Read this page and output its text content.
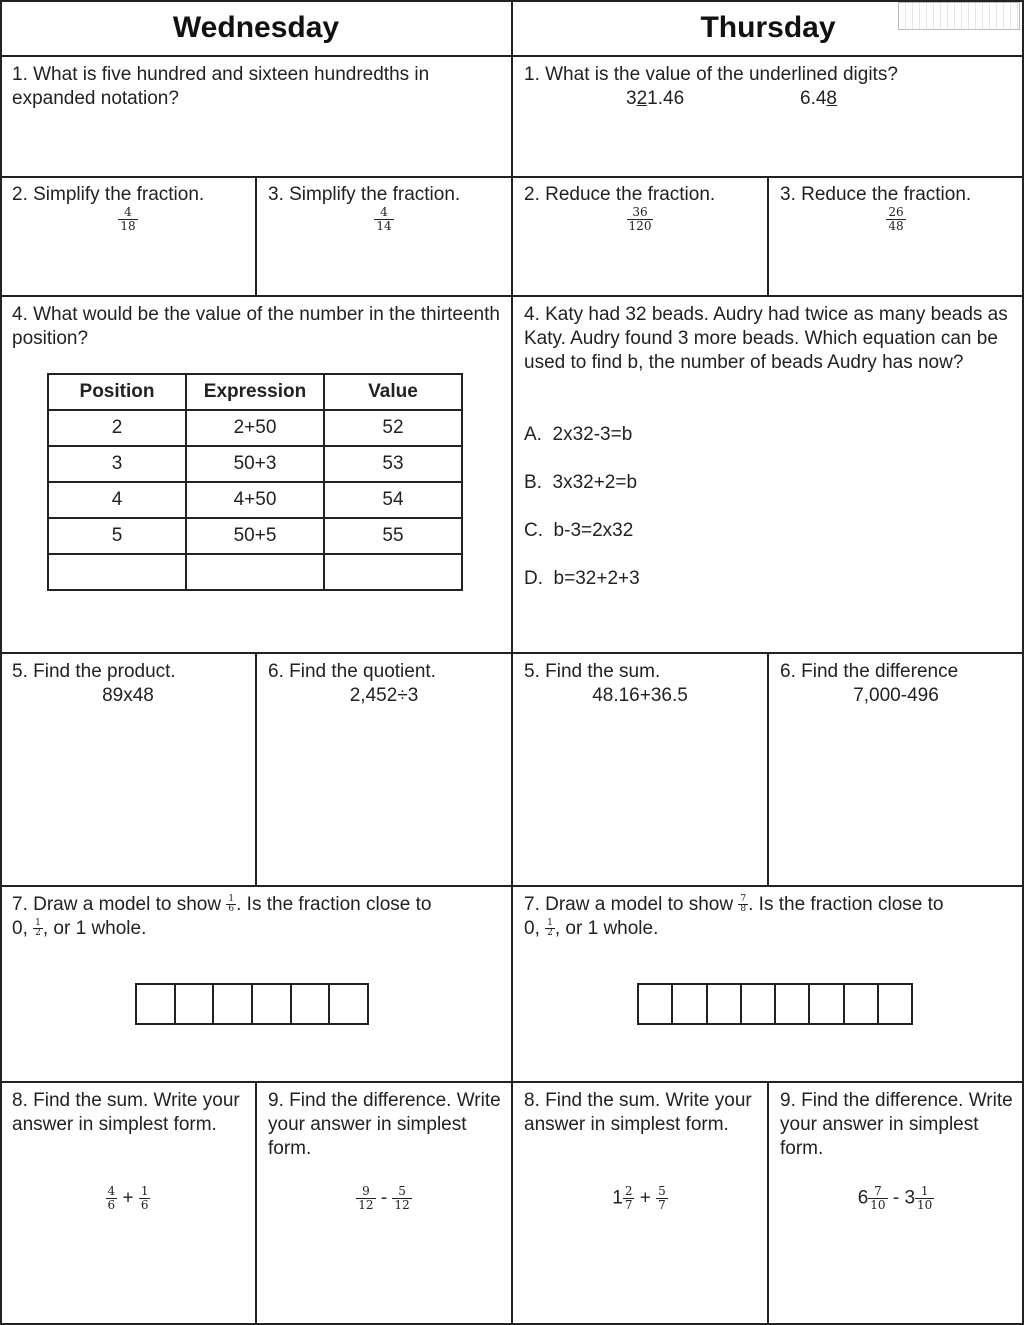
Wednesday	Thursday
1. What is five hundred and sixteen hundredths in expanded notation?
2. Simplify the fraction.
$\frac{4}{18}$
3. Simplify the fraction.
$\frac{4}{14}$
4. What would be the value of the number in the thirteenth position?
Position	Expression	Value
2	2+50	52
3	50+3	53
4	4+50	54
5	50+5	55

5. Find the product.
89x48
6. Find the quotient.
2,452÷3
7. Draw a model to show $\frac{1}{6}$ . Is the fraction close to
0, $\frac{1}{2}$ , or 1 whole.
8. Find the sum. Write your answer in simplest form.
$\frac{4}{6} + \frac{1}{6}$
9. Find the difference. Write your answer in simplest form.
$\frac{9}{12} - \frac{5}{12}$
1. What is the value of the underlined digits?
321.46	6.48
2. Reduce the fraction.
$\frac{36}{120}$
3. Reduce the fraction.
$\frac{26}{48}$
4. Katy had 32 beads. Audry had twice as many beads as Katy. Audry found 3 more beads. Which equation can be used to find b, the number of beads Audry has now?
A.  2x32-3=b
B.  3x32+2=b
C.  b-3=2x32
D.  b=32+2+3
5. Find the sum.
48.16+36.5
6. Find the difference
7,000-496
7. Draw a model to show $\frac{7}{8}$ . Is the fraction close to
0, $\frac{1}{2}$ , or 1 whole.
8. Find the sum. Write your answer in simplest form.
$1 \frac{2}{7} + \frac{5}{7}$
9. Find the difference. Write your answer in simplest form.
$6 \frac{7}{10} - 3 \frac{1}{10}$
